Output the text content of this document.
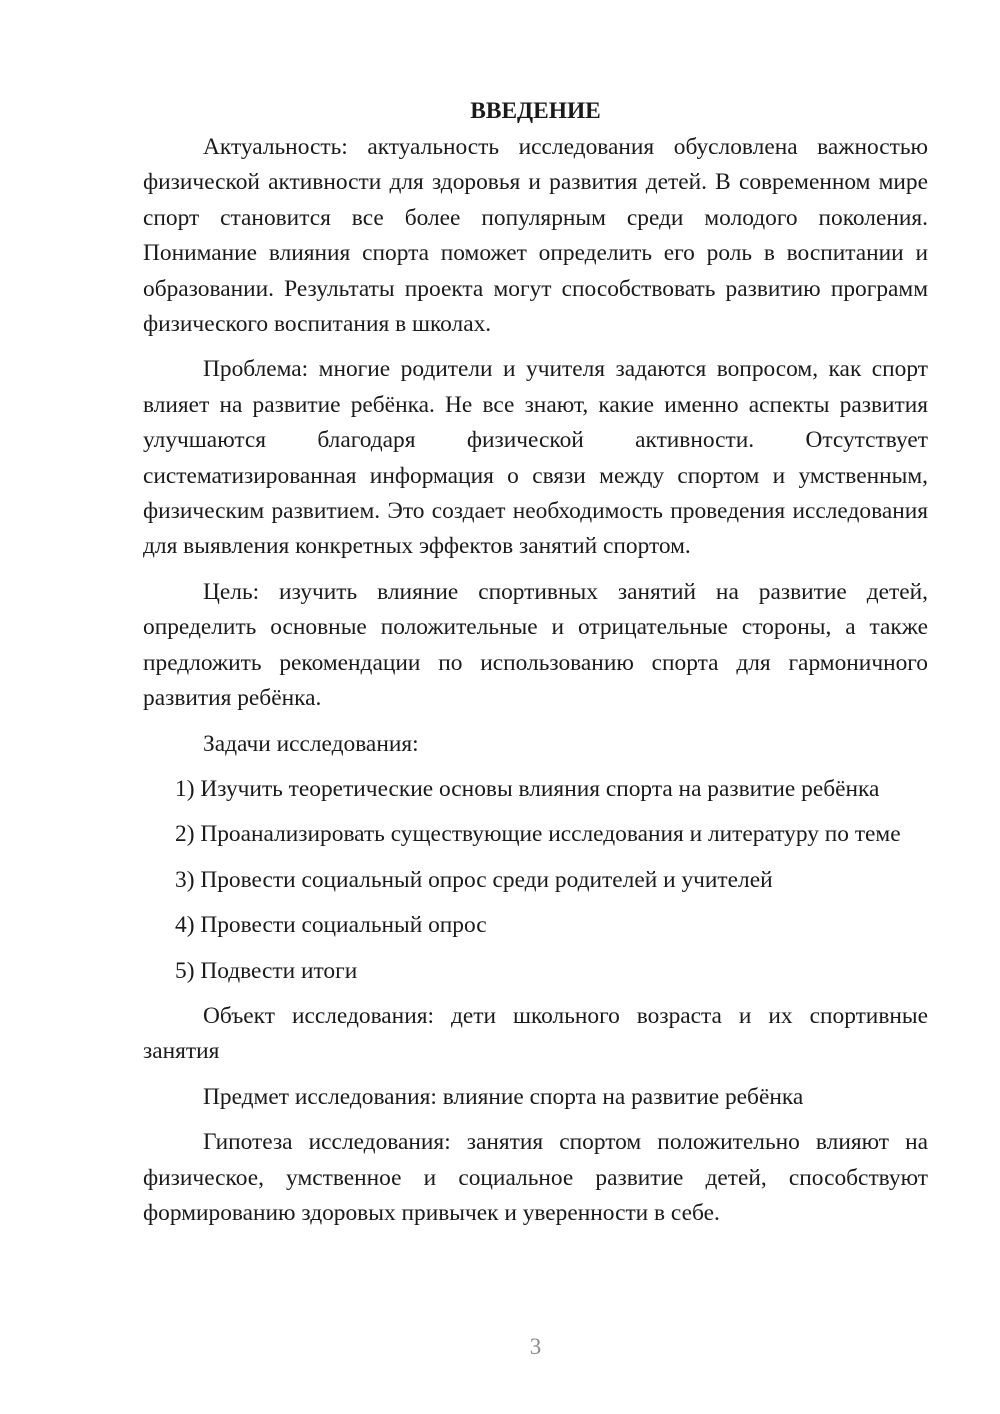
ВВЕДЕНИЕ

Актуальность: актуальность исследования обусловлена важностью физической активности для здоровья и развития детей. В современном мире спорт становится все более популярным среди молодого поколения. Понимание влияния спорта поможет определить его роль в воспитании и образовании. Результаты проекта могут способствовать развитию программ физического воспитания в школах.

Проблема: многие родители и учителя задаются вопросом, как спорт влияет на развитие ребёнка. Не все знают, какие именно аспекты развития улучшаются благодаря физической активности. Отсутствует систематизированная информация о связи между спортом и умственным, физическим развитием. Это создает необходимость проведения исследования для выявления конкретных эффектов занятий спортом.

Цель: изучить влияние спортивных занятий на развитие детей, определить основные положительные и отрицательные стороны, а также предложить рекомендации по использованию спорта для гармоничного развития ребёнка.

Задачи исследования:

1) Изучить теоретические основы влияния спорта на развитие ребёнка

2) Проанализировать существующие исследования и литературу по теме

3) Провести социальный опрос среди родителей и учителей

4) Провести социальный опрос

5) Подвести итоги

Объект исследования: дети школьного возраста и их спортивные занятия

Предмет исследования: влияние спорта на развитие ребёнка

Гипотеза исследования: занятия спортом положительно влияют на физическое, умственное и социальное развитие детей, способствуют формированию здоровых привычек и уверенности в себе.

3
